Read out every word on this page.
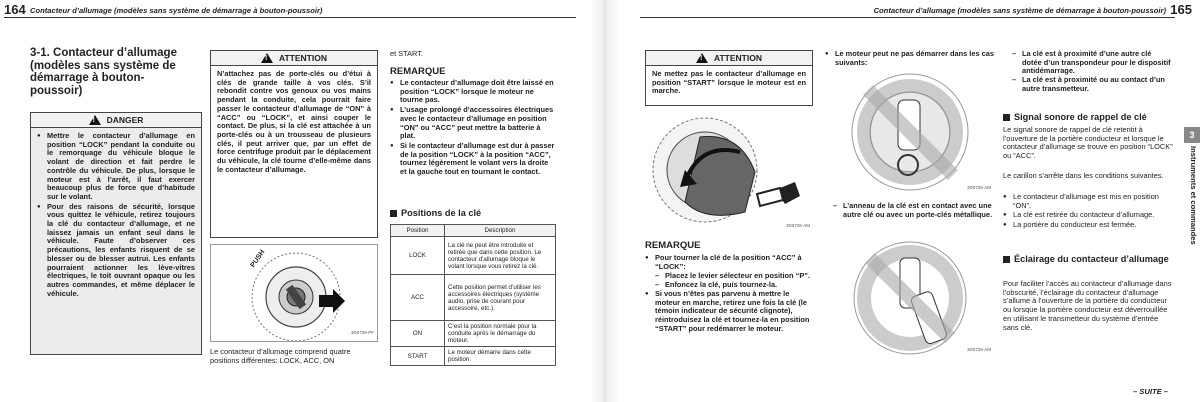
164 Contacteur d’allumage (modèles sans système de démarrage à bouton-poussoir)	Contacteur d’allumage (modèles sans système de démarrage à bouton-poussoir) 165
3-1. Contacteur d’allumage (modèles sans système de démarrage à bouton-poussoir)
!
DANGER
● Mettre le contacteur d’allumage en position “LOCK” pendant la conduite ou le remorquage du véhicule bloque le volant de direction et fait perdre le contrôle du véhicule. De plus, lorsque le moteur est à l’arrêt, il faut exercer beaucoup plus de force que d’habitude sur le volant.
● Pour des raisons de sécurité, lorsque vous quittez le véhicule, retirez toujours la clé du contacteur d’allumage, et ne laissez jamais un enfant seul dans le véhicule. Faute d’observer ces précautions, les enfants risquent de se blesser ou de blesser autrui. Les enfants pourraient actionner les lève-vitres électriques, le toit ouvrant opaque ou les autres commandes, et même déplacer le véhicule.
!
ATTENTION
N’attachez pas de porte-clés ou d’étui à clés de grande taille à vos clés. S’il rebondit contre vos genoux ou vos mains pendant la conduite, cela pourrait faire passer le contacteur d’allumage de “ON” à “ACC” ou “LOCK”, et ainsi couper le contact. De plus, si la clé est attachée à un porte-clés ou à un trousseau de plusieurs clés, il peut arriver que, par un effet de force centrifuge produit par le déplacement du véhicule, la clé tourne d’elle-même dans le contacteur d’allumage.
PUSH
3D0726-PF
Le contacteur d’allumage comprend quatre positions différentes: LOCK, ACC, ON
et START.
REMARQUE
● Le contacteur d’allumage doit être laissé en position “LOCK” lorsque le moteur ne tourne pas.
● L’usage prolongé d’accessoires électriques avec le contacteur d’allumage en position “ON” ou “ACC” peut mettre la batterie à plat.
● Si le contacteur d’allumage est dur à passer de la position “LOCK” à la position “ACC”, tournez légèrement le volant vers la droite et la gauche tout en tournant le contact.
Positions de la clé
Position	Description
LOCK	La clé ne peut être introduite et retirée que dans cette position. Le contacteur d’allumage bloque le volant lorsque vous retirez la clé.
ACC	Cette position permet d’utiliser les accessoires électriques (système audio, prise de courant pour accessoire, etc.).
ON	C’est la position normale pour la conduite après le démarrage du moteur.
START	Le moteur démarre dans cette position.
!
ATTENTION
Ne mettez pas le contacteur d’allumage en position “START” lorsque le moteur est en marche.
3D0726-AM
REMARQUE
● Pour tourner la clé de la position “ACC” à “LOCK”:
– Placez le levier sélecteur en position “P”.
– Enfoncez la clé, puis tournez-la.
● Si vous n’êtes pas parvenu à mettre le moteur en marche, retirez une fois la clé (le témoin indicateur de sécurité clignote), réintroduisez la clé et tournez-la en position “START” pour redémarrer le moteur.
● Le moteur peut ne pas démarrer dans les cas suivants:
3D0726-AM
– L’anneau de la clé est en contact avec une autre clé ou avec un porte-clés métallique.
3D0726-AM
– La clé est à proximité d’une autre clé dotée d’un transpondeur pour le dispositif antidémarrage.
– La clé est à proximité ou au contact d’un autre transmetteur.
Signal sonore de rappel de clé
Le signal sonore de rappel de clé retentit à l’ouverture de la portière conducteur et lorsque le contacteur d’allumage se trouve en position “LOCK” ou “ACC”.
Le carillon s’arrête dans les conditions suivantes.
● Le contacteur d’allumage est mis en position “ON”.
● La clé est retirée du contacteur d’allumage.
● La portière du conducteur est fermée.
Éclairage du contacteur d’allumage
Pour faciliter l’accès au contacteur d’allumage dans l’obscurité, l’éclairage du contacteur d’allumage s’allume à l’ouverture de la portière du conducteur ou lorsque la portière conducteur est déverrouillée en utilisant le transmetteur du système d’entrée sans clé.
3
Instruments et commandes
– SUITE –
